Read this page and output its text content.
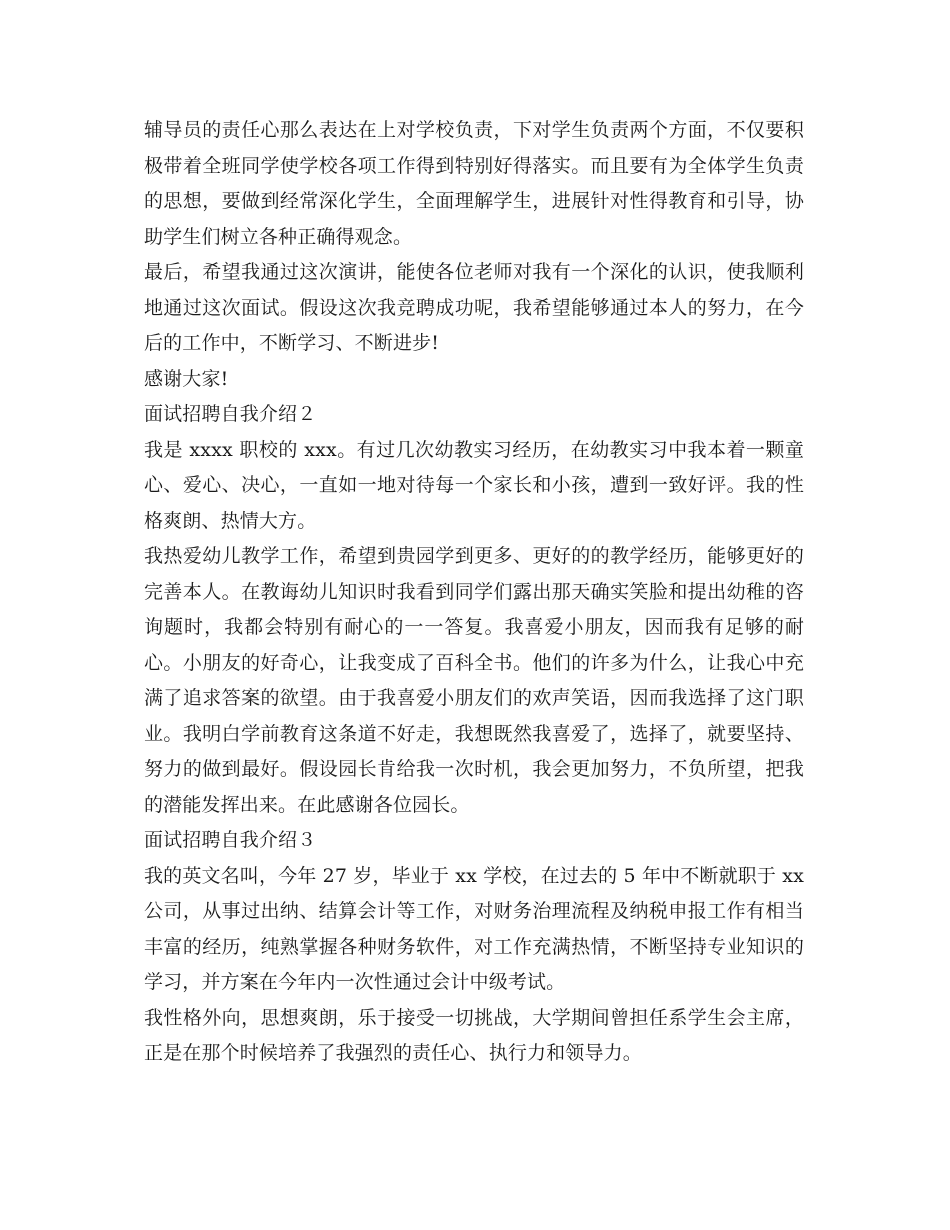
辅导员的责任心那么表达在上对学校负责，下对学生负责两个方面，不仅要积极带着全班同学使学校各项工作得到特别好得落实。而且要有为全体学生负责的思想，要做到经常深化学生，全面理解学生，进展针对性得教育和引导，协助学生们树立各种正确得观念。

最后，希望我通过这次演讲，能使各位老师对我有一个深化的认识，使我顺利地通过这次面试。假设这次我竞聘成功呢，我希望能够通过本人的努力，在今后的工作中，不断学习、不断进步!

感谢大家!

面试招聘自我介绍２

我是 xxxx 职校的 xxx。有过几次幼教实习经历，在幼教实习中我本着一颗童心、爱心、决心，一直如一地对待每一个家长和小孩，遭到一致好评。我的性格爽朗、热情大方。

我热爱幼儿教学工作，希望到贵园学到更多、更好的的教学经历，能够更好的完善本人。在教诲幼儿知识时我看到同学们露出那天确实笑脸和提出幼稚的咨询题时，我都会特别有耐心的一一答复。我喜爱小朋友，因而我有足够的耐心。小朋友的好奇心，让我变成了百科全书。他们的许多为什么，让我心中充满了追求答案的欲望。由于我喜爱小朋友们的欢声笑语，因而我选择了这门职业。我明白学前教育这条道不好走，我想既然我喜爱了，选择了，就要坚持、努力的做到最好。假设园长肯给我一次时机，我会更加努力，不负所望，把我的潜能发挥出来。在此感谢各位园长。

面试招聘自我介绍３

我的英文名叫，今年 27 岁，毕业于 xx 学校，在过去的 5 年中不断就职于 xx 公司，从事过出纳、结算会计等工作，对财务治理流程及纳税申报工作有相当丰富的经历，纯熟掌握各种财务软件，对工作充满热情，不断坚持专业知识的学习，并方案在今年内一次性通过会计中级考试。

我性格外向，思想爽朗，乐于接受一切挑战，大学期间曾担任系学生会主席，正是在那个时候培养了我强烈的责任心、执行力和领导力。
